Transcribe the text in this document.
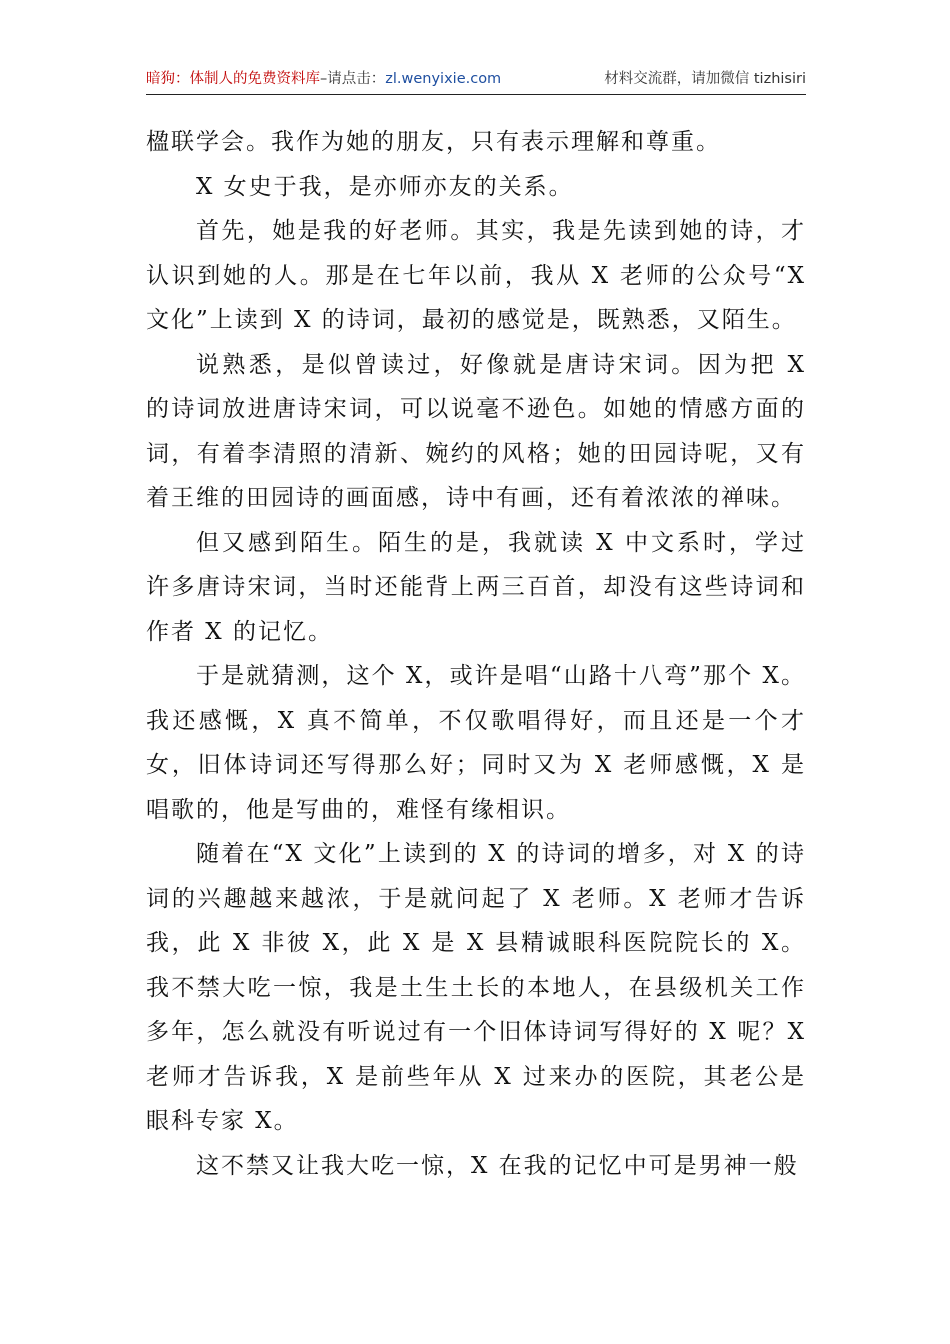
暗狗：体制人的免费资料库–请点击：zl.wenyixie.com	材料交流群，请加微信 tizhisiri

楹联学会。我作为她的朋友，只有表示理解和尊重。

X 女史于我，是亦师亦友的关系。

首先，她是我的好老师。其实，我是先读到她的诗，才认识到她的人。那是在七年以前，我从 X 老师的公众号“X 文化”上读到 X 的诗词，最初的感觉是，既熟悉，又陌生。

说熟悉，是似曾读过，好像就是唐诗宋词。因为把 X 的诗词放进唐诗宋词，可以说毫不逊色。如她的情感方面的词，有着李清照的清新、婉约的风格；她的田园诗呢，又有着王维的田园诗的画面感，诗中有画，还有着浓浓的禅味。

但又感到陌生。陌生的是，我就读 X 中文系时，学过许多唐诗宋词，当时还能背上两三百首，却没有这些诗词和作者 X 的记忆。

于是就猜测，这个 X，或许是唱“山路十八弯”那个 X。我还感慨，X 真不简单，不仅歌唱得好，而且还是一个才女，旧体诗词还写得那么好；同时又为 X 老师感慨，X 是唱歌的，他是写曲的，难怪有缘相识。

随着在“X 文化”上读到的 X 的诗词的增多，对 X 的诗词的兴趣越来越浓，于是就问起了 X 老师。X 老师才告诉我，此 X 非彼 X，此 X 是 X 县精诚眼科医院院长的 X。我不禁大吃一惊，我是土生土长的本地人，在县级机关工作多年，怎么就没有听说过有一个旧体诗词写得好的 X 呢？X 老师才告诉我，X 是前些年从 X 过来办的医院，其老公是眼科专家 X。

这不禁又让我大吃一惊，X 在我的记忆中可是男神一般
